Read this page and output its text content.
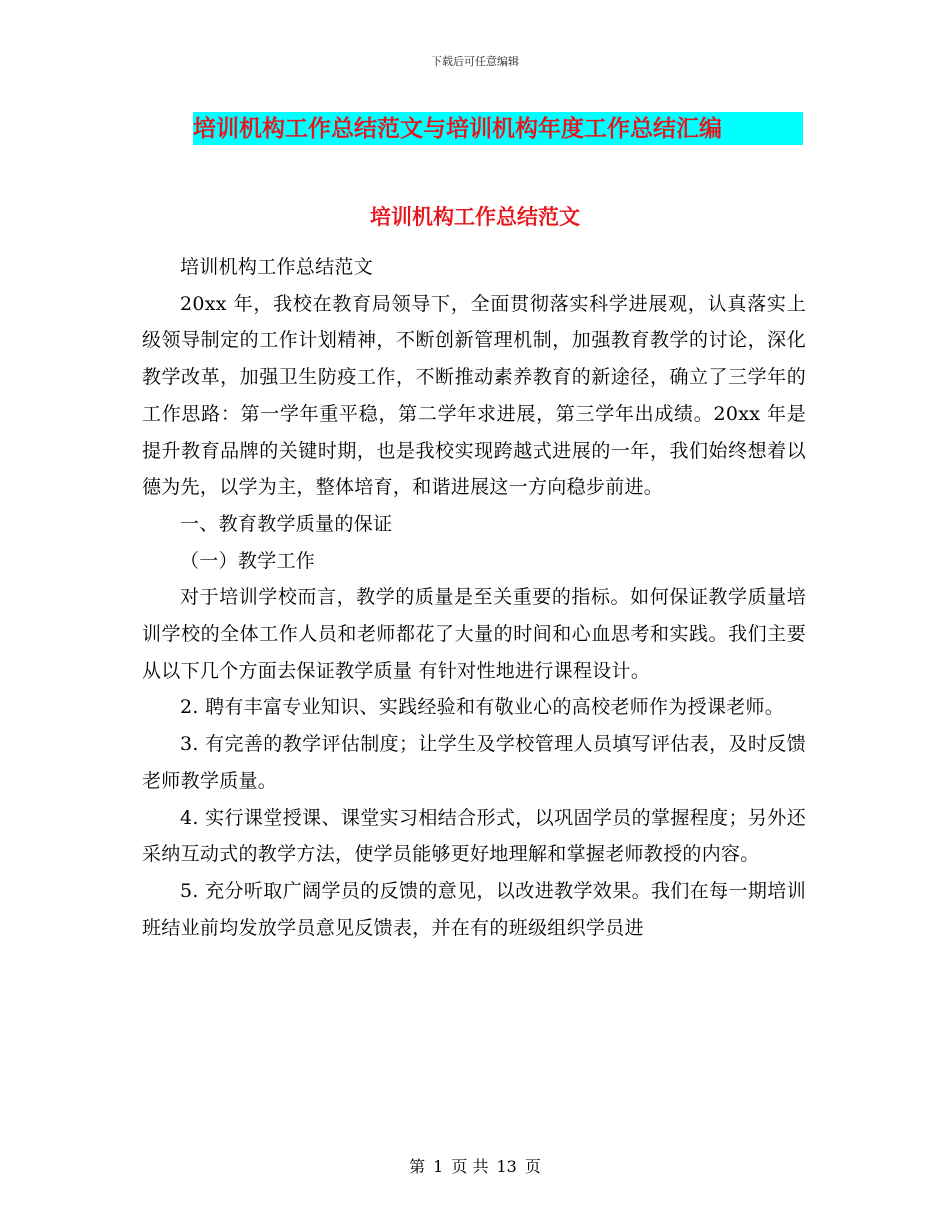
下载后可任意编辑
培训机构工作总结范文与培训机构年度工作总结汇编
培训机构工作总结范文

培训机构工作总结范文

20xx 年，我校在教育局领导下，全面贯彻落实科学进展观，认真落实上级领导制定的工作计划精神，不断创新管理机制，加强教育教学的讨论，深化教学改革，加强卫生防疫工作，不断推动素养教育的新途径，确立了三学年的工作思路：第一学年重平稳，第二学年求进展，第三学年出成绩。20xx 年是提升教育品牌的关键时期，也是我校实现跨越式进展的一年，我们始终想着以德为先，以学为主，整体培育，和谐进展这一方向稳步前进。

一、教育教学质量的保证

（一）教学工作

对于培训学校而言，教学的质量是至关重要的指标。如何保证教学质量培训学校的全体工作人员和老师都花了大量的时间和心血思考和实践。我们主要从以下几个方面去保证教学质量 有针对性地进行课程设计。

2. 聘有丰富专业知识、实践经验和有敬业心的高校老师作为授课老师。

3. 有完善的教学评估制度；让学生及学校管理人员填写评估表，及时反馈老师教学质量。

4. 实行课堂授课、课堂实习相结合形式，以巩固学员的掌握程度；另外还采纳互动式的教学方法，使学员能够更好地理解和掌握老师教授的内容。

5. 充分听取广阔学员的反馈的意见，以改进教学效果。我们在每一期培训班结业前均发放学员意见反馈表，并在有的班级组织学员进

第 1 页 共 13 页
